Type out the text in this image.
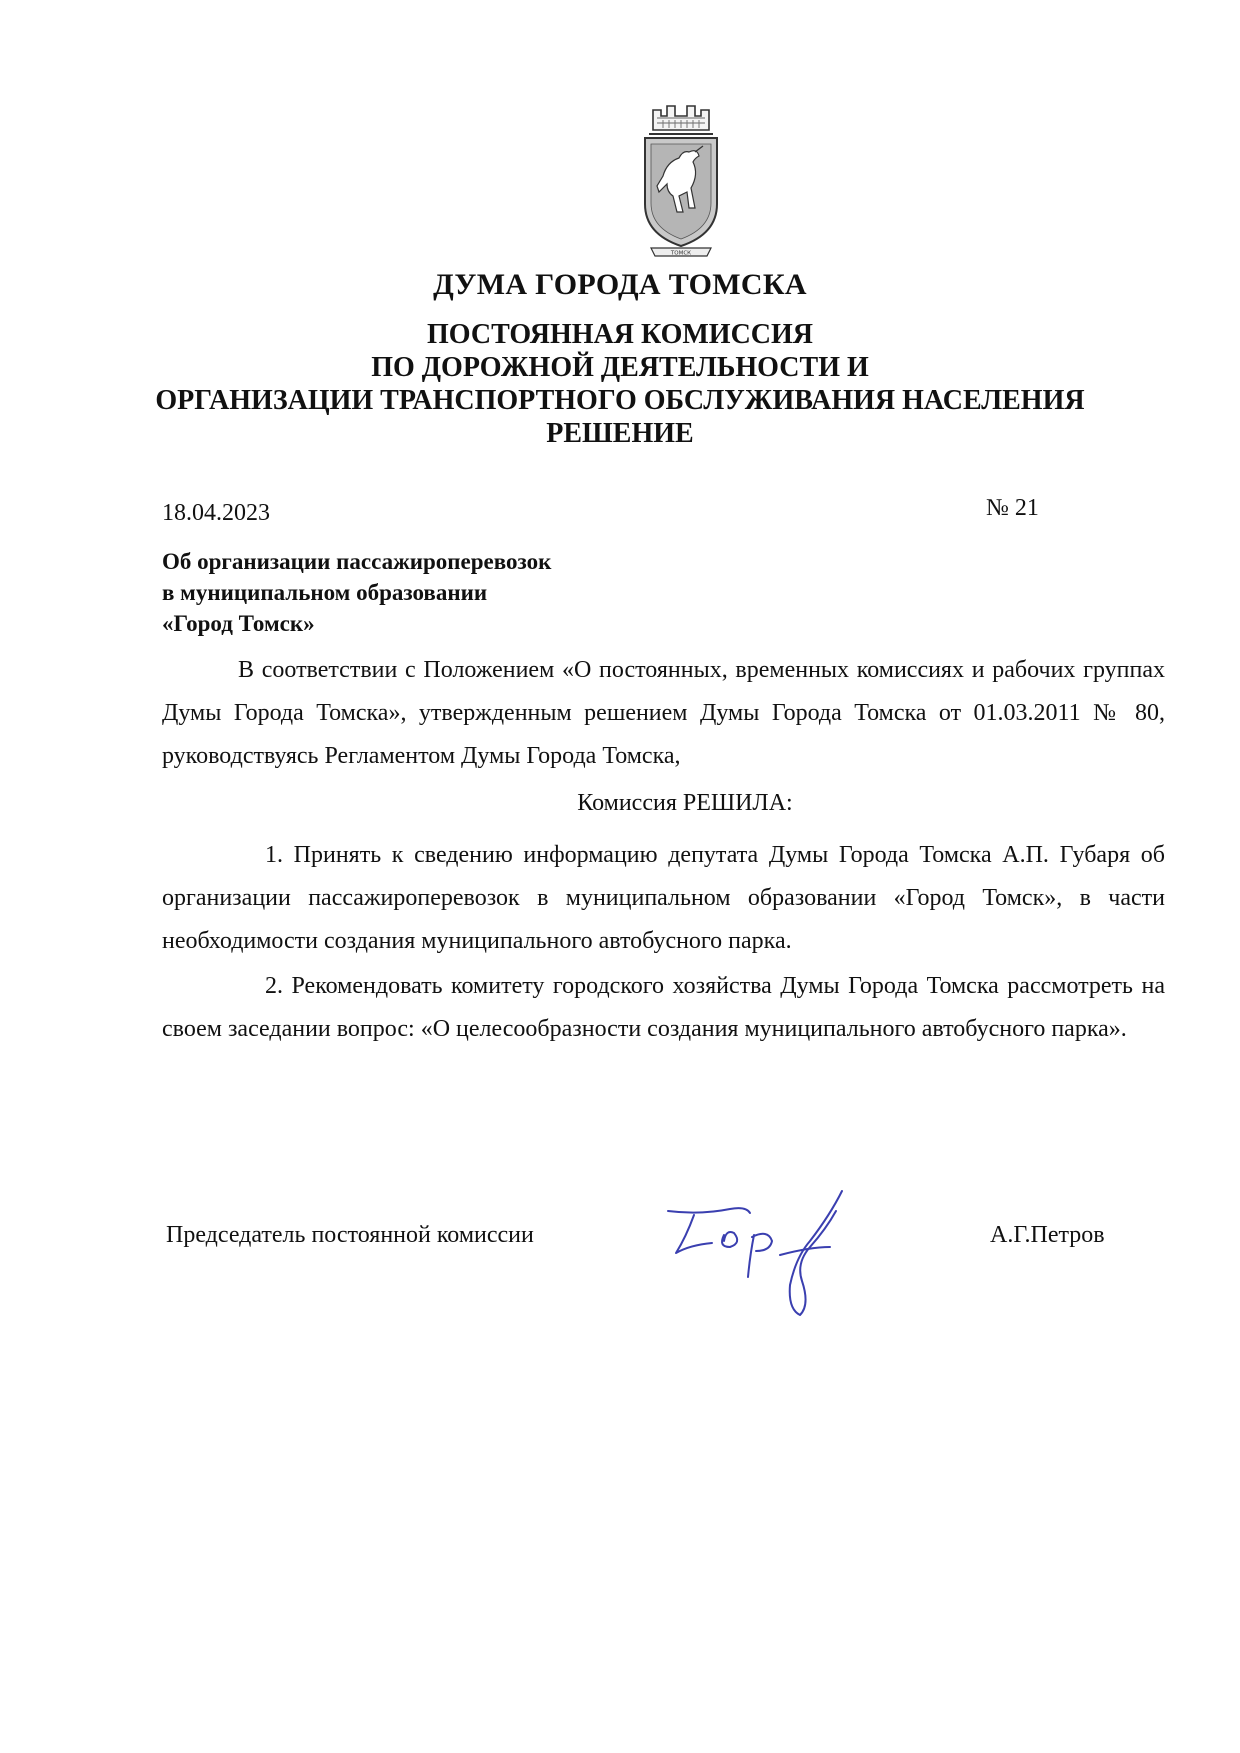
ТОМСК
ДУМА ГОРОДА ТОМСКА
ПОСТОЯННАЯ КОМИССИЯ
ПО ДОРОЖНОЙ ДЕЯТЕЛЬНОСТИ И
ОРГАНИЗАЦИИ ТРАНСПОРТНОГО ОБСЛУЖИВАНИЯ НАСЕЛЕНИЯ
РЕШЕНИЕ
18.04.2023	№ 21
Об организации пассажироперевозок
в муниципальном образовании
«Город Томск»
В соответствии с Положением «О постоянных, временных комиссиях и рабочих группах Думы Города Томска», утвержденным решением Думы Города Томска от 01.03.2011 № 80, руководствуясь Регламентом Думы Города Томска,
Комиссия РЕШИЛА:
1. Принять к сведению информацию депутата Думы Города Томска А.П. Губаря об организации пассажироперевозок в муниципальном образовании «Город Томск», в части необходимости создания муниципального автобусного парка.
2. Рекомендовать комитету городского хозяйства Думы Города Томска рассмотреть на своем заседании вопрос: «О целесообразности создания муниципального автобусного парка».
Председатель постоянной комиссии	А.Г.Петров
